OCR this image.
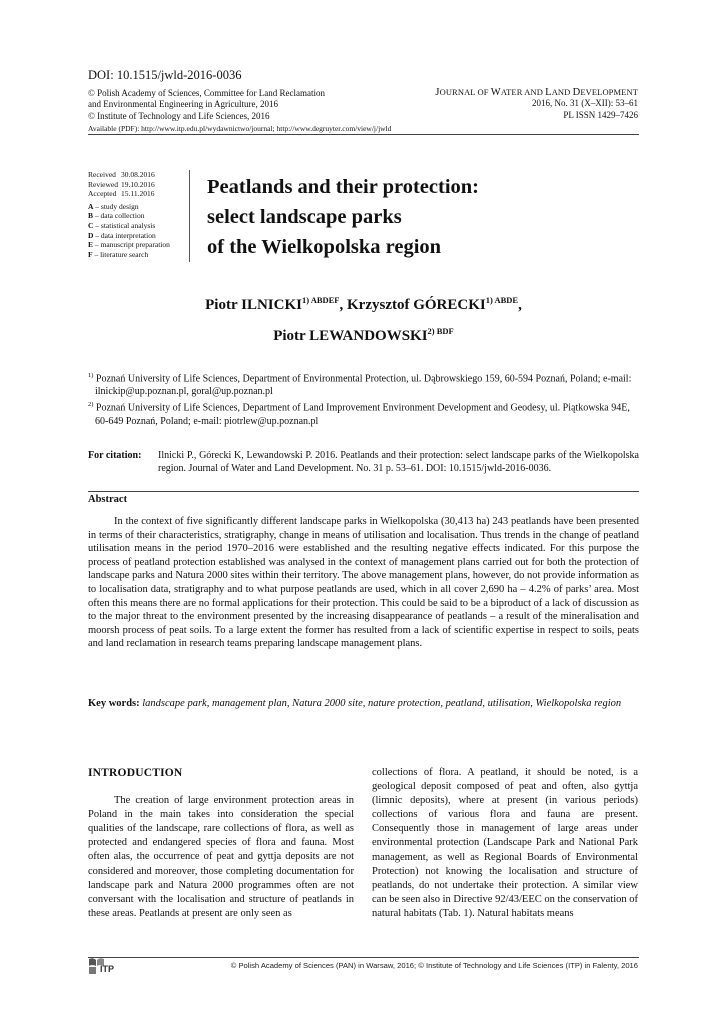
DOI: 10.1515/jwld-2016-0036
© Polish Academy of Sciences, Committee for Land Reclamation
and Environmental Engineering in Agriculture, 2016
© Institute of Technology and Life Sciences, 2016
JOURNAL OF WATER AND LAND DEVELOPMENT
2016, No. 31 (X–XII): 53–61
PL ISSN 1429–7426
Available (PDF): http://www.itp.edu.pl/wydawnictwo/journal; http://www.degruyter.com/view/j/jwld
Received 30.08.2016
Reviewed 19.10.2016
Accepted 15.11.2016
A – study design
B – data collection
C – statistical analysis
D – data interpretation
E – manuscript preparation
F – literature search
Peatlands and their protection:
select landscape parks
of the Wielkopolska region
Piotr $ILNICKI^{1) ABDEF}$, Krzysztof $GÓRECKI^{1) ABDE}$,
Piotr $LEWANDOWSKI^{2) BDF}$
$^{1)}$ Poznań University of Life Sciences, Department of Environmental Protection, ul. Dąbrowskiego 159, 60-594 Poznań, Poland; e-mail: ilnickip@up.poznan.pl, goral@up.poznan.pl
$^{2)}$ Poznań University of Life Sciences, Department of Land Improvement Environment Development and Geodesy, ul. Piątkowska 94E, 60-649 Poznań, Poland; e-mail: piotrlew@up.poznan.pl
For citation: Ilnicki P., Górecki K, Lewandowski P. 2016. Peatlands and their protection: select landscape parks of the Wielkopolska region. Journal of Water and Land Development. No. 31 p. 53–61. DOI: 10.1515/jwld-2016-0036.
Abstract
In the context of five significantly different landscape parks in Wielkopolska (30,413 ha) 243 peatlands have been presented in terms of their characteristics, stratigraphy, change in means of utilisation and localisation. Thus trends in the change of peatland utilisation means in the period 1970–2016 were established and the resulting negative effects indicated. For this purpose the process of peatland protection established was analysed in the context of management plans carried out for both the protection of landscape parks and Natura 2000 sites within their territory. The above management plans, however, do not provide information as to localisation data, stratigraphy and to what purpose peatlands are used, which in all cover 2,690 ha – 4.2% of parks’ area. Most often this means there are no formal applications for their protection. This could be said to be a biproduct of a lack of discussion as to the major threat to the environment presented by the increasing disappearance of peatlands – a result of the mineralisation and moorsh process of peat soils. To a large extent the former has resulted from a lack of scientific expertise in respect to soils, peats and land reclamation in research teams preparing landscape management plans.
Key words: landscape park, management plan, Natura 2000 site, nature protection, peatland, utilisation, Wielkopolska region
INTRODUCTION
The creation of large environment protection areas in Poland in the main takes into consideration the special qualities of the landscape, rare collections of flora, as well as protected and endangered species of flora and fauna. Most often alas, the occurrence of peat and gyttja deposits are not considered and moreover, those completing documentation for landscape park and Natura 2000 programmes often are not conversant with the localisation and structure of peatlands in these areas. Peatlands at present are only seen as
collections of flora. A peatland, it should be noted, is a geological deposit composed of peat and often, also gyttja (limnic deposits), where at present (in various periods) collections of various flora and fauna are present. Consequently those in management of large areas under environmental protection (Landscape Park and National Park management, as well as Regional Boards of Environmental Protection) not knowing the localisation and structure of peatlands, do not undertake their protection. A similar view can be seen also in Directive 92/43/EEC on the conservation of natural habitats (Tab. 1). Natural habitats means
ITP	© Polish Academy of Sciences (PAN) in Warsaw, 2016; © Institute of Technology and Life Sciences (ITP) in Falenty, 2016
